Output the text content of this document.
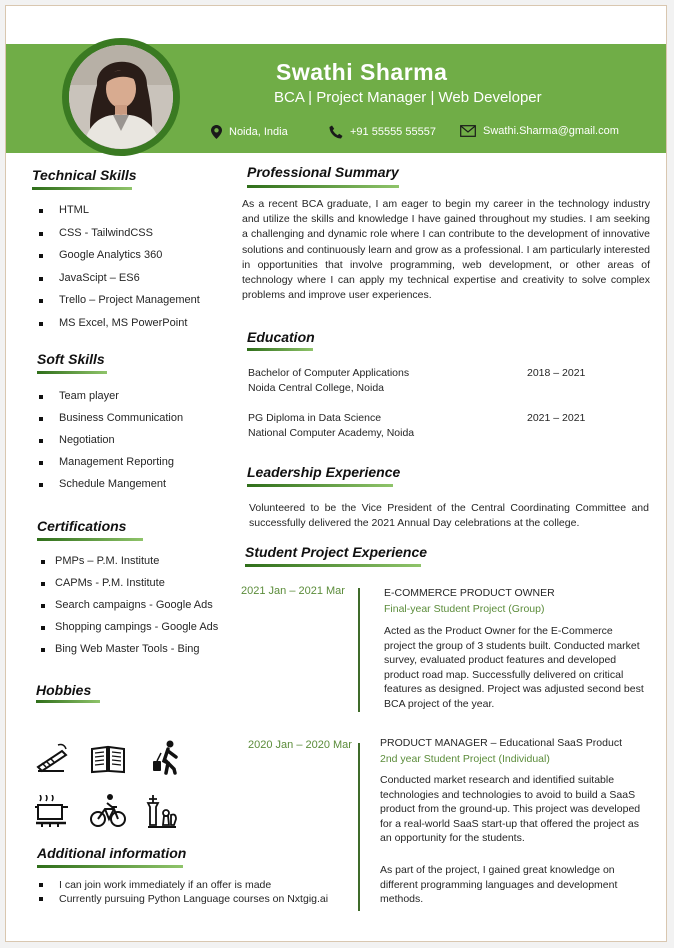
Swathi Sharma
BCA | Project Manager | Web Developer
Noida, India	+91 55555 55557	Swathi.Sharma@gmail.com
Technical Skills
HTML
CSS - TailwindCSS
Google Analytics 360
JavaScipt – ES6
Trello – Project Management
MS Excel, MS PowerPoint
Soft Skills
Team player
Business Communication
Negotiation
Management Reporting
Schedule Mangement
Certifications
PMPs – P.M. Institute
CAPMs - P.M. Institute
Search campaigns - Google Ads
Shopping campings - Google Ads
Bing Web Master Tools - Bing
Hobbies
Additional information
I can join work immediately if an offer is made
Currently pursuing Python Language courses on Nxtgig.ai
Professional Summary
As a recent BCA graduate, I am eager to begin my career in the technology industry and utilize the skills and knowledge I have gained throughout my studies. I am seeking a challenging and dynamic role where I can contribute to the development of innovative solutions and continuously learn and grow as a professional. I am particularly interested in opportunities that involve programming, web development, or other areas of technology where I can apply my technical expertise and creativity to solve complex problems and improve user experiences.
Education
Bachelor of Computer Applications
Noida Central College, Noida
2018 – 2021
PG Diploma in Data Science
National Computer Academy, Noida
2021 – 2021
Leadership Experience
Volunteered to be the Vice President of the Central Coordinating Committee and successfully delivered the 2021 Annual Day celebrations at the college.
Student Project Experience
2021 Jan – 2021 Mar	E-COMMERCE PRODUCT OWNER
Final-year Student Project (Group)
Acted as the Product Owner for the E-Commerce project the group of 3 students built. Conducted market survey, evaluated product features and developed product road map. Successfully delivered on critical features as designed. Project was adjusted second best BCA project of the year.
2020 Jan – 2020 Mar	PRODUCT MANAGER – Educational SaaS Product
2nd year Student Project (Individual)
Conducted market research and identified suitable technologies and technologies to avoid to build a SaaS product from the ground-up. This project was developed for a real-world SaaS start-up that offered the project as an opportunity for the students.
As part of the project, I gained great knowledge on different programming languages and development methods.
